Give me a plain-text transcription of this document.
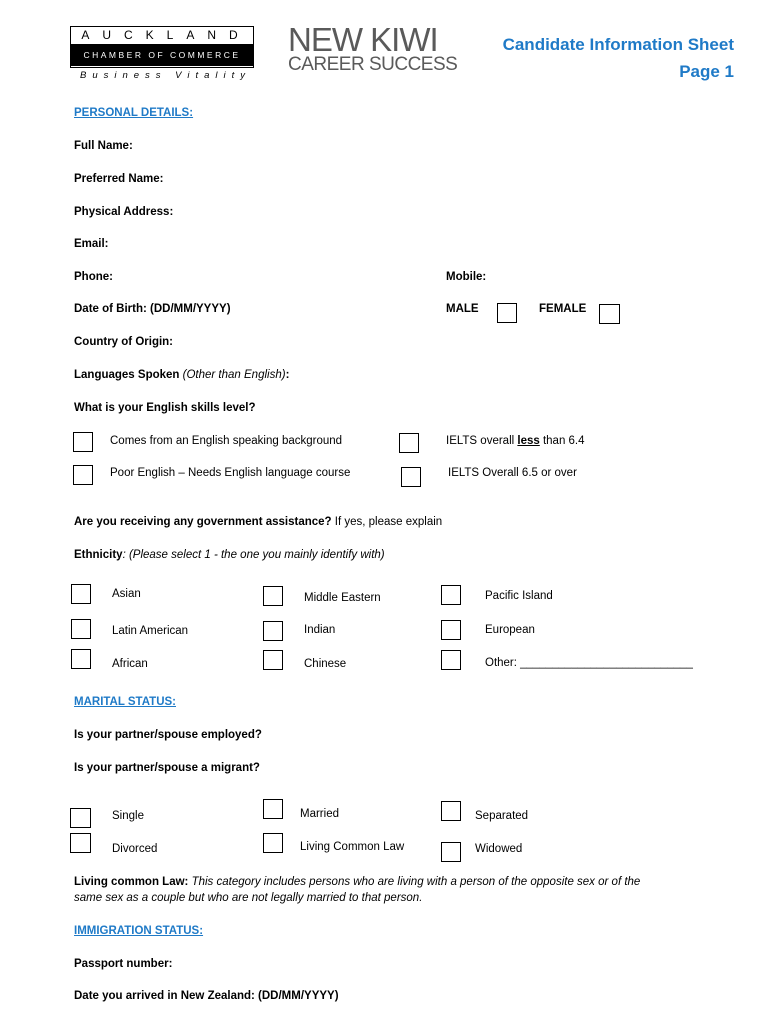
AUCKLAND
CHAMBER OF COMMERCE
Business Vitality
NEW KIWI
CAREER SUCCESS
Candidate Information Sheet
Page 1
PERSONAL DETAILS:
Full Name:
Preferred Name:
Physical Address:
Email:
Phone:	Mobile:
Date of Birth: (DD/MM/YYYY)	MALE	FEMALE
Country of Origin:
Languages Spoken (Other than English):
What is your English skills level?
Comes from an English speaking background	IELTS overall less than 6.4
Poor English – Needs English language course	IELTS Overall 6.5 or over
Are you receiving any government assistance? If yes, please explain
Ethnicity: (Please select 1 - the one you mainly identify with)
Asian	Middle Eastern	Pacific Island
Latin American	Indian	European
African	Chinese	Other: ___________________________
MARITAL STATUS:
Is your partner/spouse employed?
Is your partner/spouse a migrant?
Single	Married	Separated
Divorced	Living Common Law	Widowed
Living common Law: This category includes persons who are living with a person of the opposite sex or of the
same sex as a couple but who are not legally married to that person.
IMMIGRATION STATUS:
Passport number:
Date you arrived in New Zealand: (DD/MM/YYYY)
